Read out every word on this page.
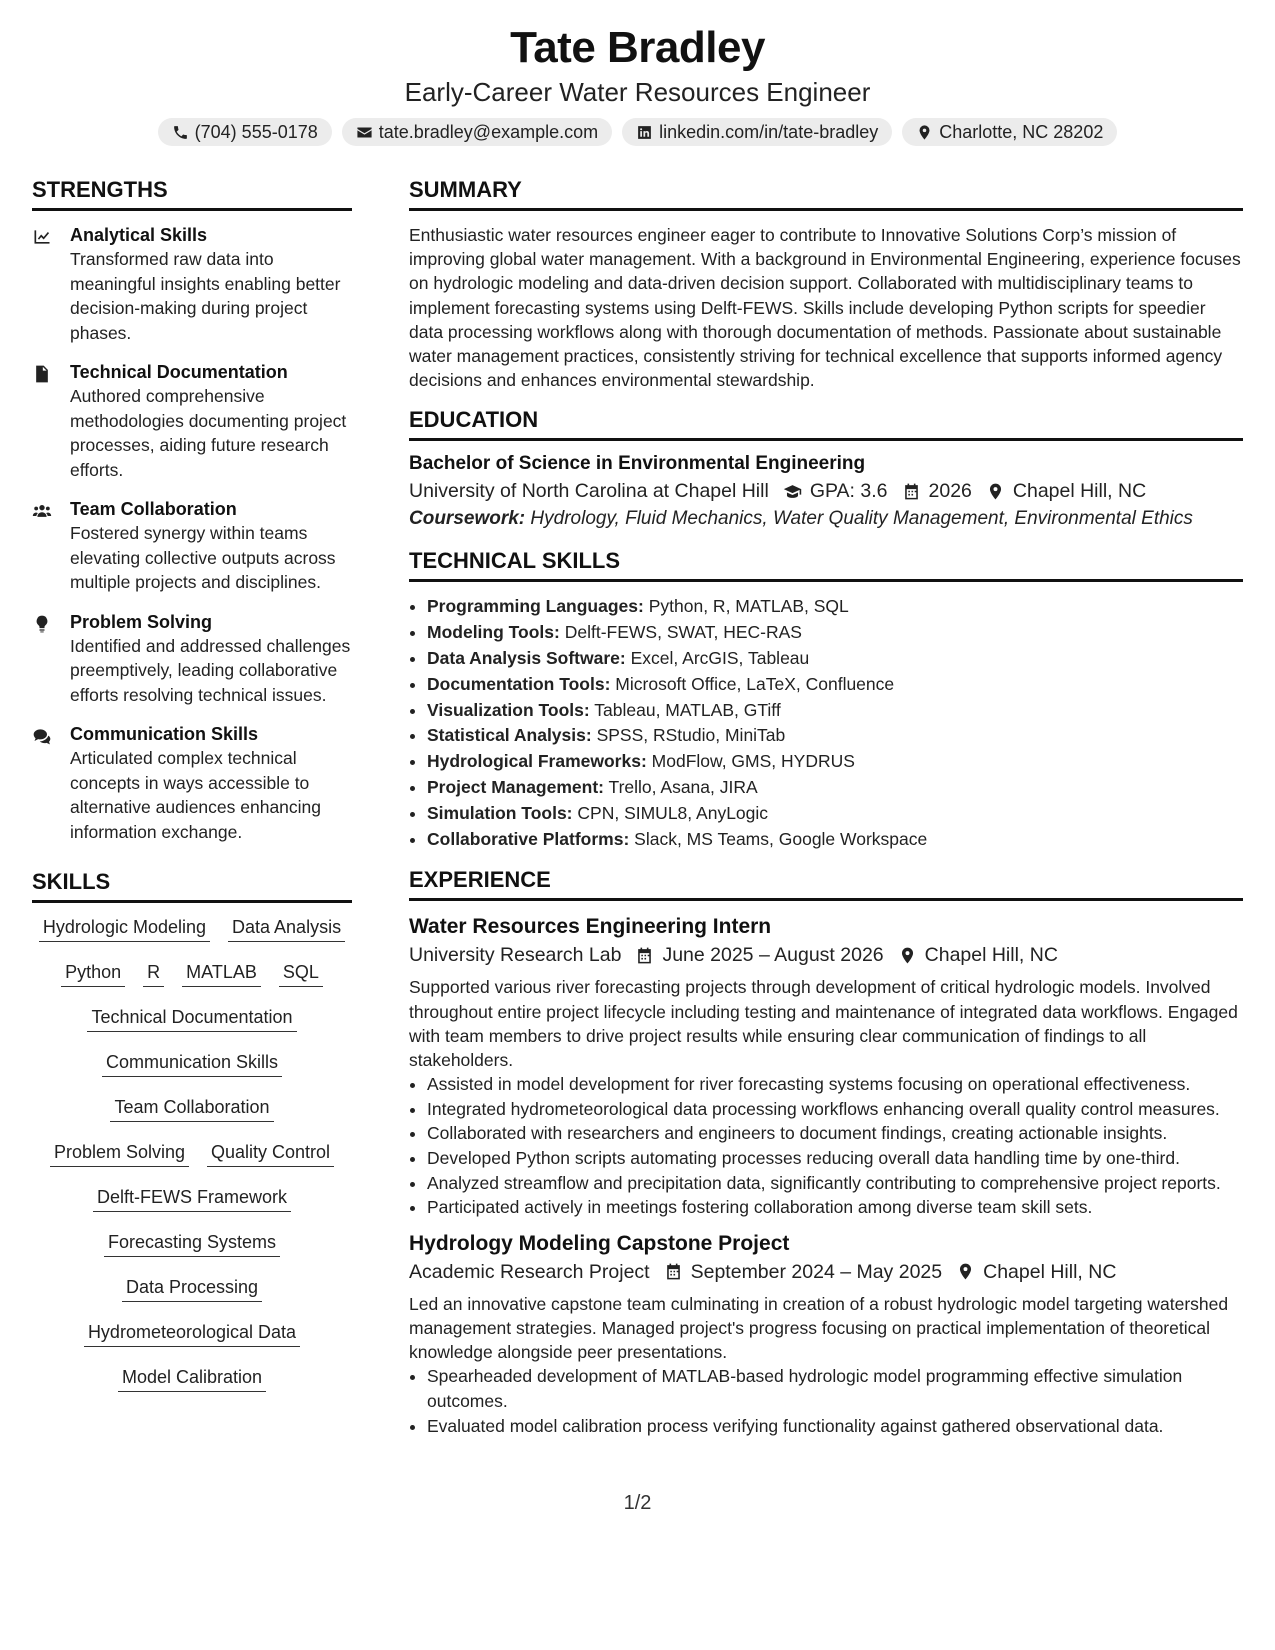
Tate Bradley
Early-Career Water Resources Engineer
(704) 555-0178	tate.bradley@example.com	linkedin.com/in/tate-bradley	Charlotte, NC 28202
STRENGTHS
Analytical Skills
Transformed raw data into meaningful insights enabling better decision-making during project phases.
Technical Documentation
Authored comprehensive methodologies documenting project processes, aiding future research efforts.
Team Collaboration
Fostered synergy within teams elevating collective outputs across multiple projects and disciplines.
Problem Solving
Identified and addressed challenges preemptively, leading collaborative efforts resolving technical issues.
Communication Skills
Articulated complex technical concepts in ways accessible to alternative audiences enhancing information exchange.
SKILLS
Hydrologic Modeling Data Analysis
Python R MATLAB SQL
Technical Documentation
Communication Skills
Team Collaboration
Problem Solving Quality Control
Delft-FEWS Framework
Forecasting Systems
Data Processing
Hydrometeorological Data
Model Calibration
SUMMARY

Enthusiastic water resources engineer eager to contribute to Innovative Solutions Corp’s mission of improving global water management. With a background in Environmental Engineering, experience focuses on hydrologic modeling and data-driven decision support. Collaborated with multidisciplinary teams to implement forecasting systems using Delft-FEWS. Skills include developing Python scripts for speedier data processing workflows along with thorough documentation of methods. Passionate about sustainable water management practices, consistently striving for technical excellence that supports informed agency decisions and enhances environmental stewardship.

EDUCATION
Bachelor of Science in Environmental Engineering
University of North Carolina at Chapel Hill GPA: 3.6 2026 Chapel Hill, NC
Coursework: Hydrology, Fluid Mechanics, Water Quality Management, Environmental Ethics
TECHNICAL SKILLS
• Programming Languages: Python, R, MATLAB, SQL
• Modeling Tools: Delft-FEWS, SWAT, HEC-RAS
• Data Analysis Software: Excel, ArcGIS, Tableau
• Documentation Tools: Microsoft Office, LaTeX, Confluence
• Visualization Tools: Tableau, MATLAB, GTiff
• Statistical Analysis: SPSS, RStudio, MiniTab
• Hydrological Frameworks: ModFlow, GMS, HYDRUS
• Project Management: Trello, Asana, JIRA
• Simulation Tools: CPN, SIMUL8, AnyLogic
• Collaborative Platforms: Slack, MS Teams, Google Workspace
EXPERIENCE
Water Resources Engineering Intern
University Research Lab June 2025 – August 2026 Chapel Hill, NC

Supported various river forecasting projects through development of critical hydrologic models. Involved throughout entire project lifecycle including testing and maintenance of integrated data workflows. Engaged with team members to drive project results while ensuring clear communication of findings to all stakeholders.

• Assisted in model development for river forecasting systems focusing on operational effectiveness.
• Integrated hydrometeorological data processing workflows enhancing overall quality control measures.
• Collaborated with researchers and engineers to document findings, creating actionable insights.
• Developed Python scripts automating processes reducing overall data handling time by one-third.
• Analyzed streamflow and precipitation data, significantly contributing to comprehensive project reports.
• Participated actively in meetings fostering collaboration among diverse team skill sets.
Hydrology Modeling Capstone Project
Academic Research Project September 2024 – May 2025 Chapel Hill, NC

Led an innovative capstone team culminating in creation of a robust hydrologic model targeting watershed management strategies. Managed project's progress focusing on practical implementation of theoretical knowledge alongside peer presentations.

• Spearheaded development of MATLAB-based hydrologic model programming effective simulation outcomes.
• Evaluated model calibration process verifying functionality against gathered observational data.
1/2
